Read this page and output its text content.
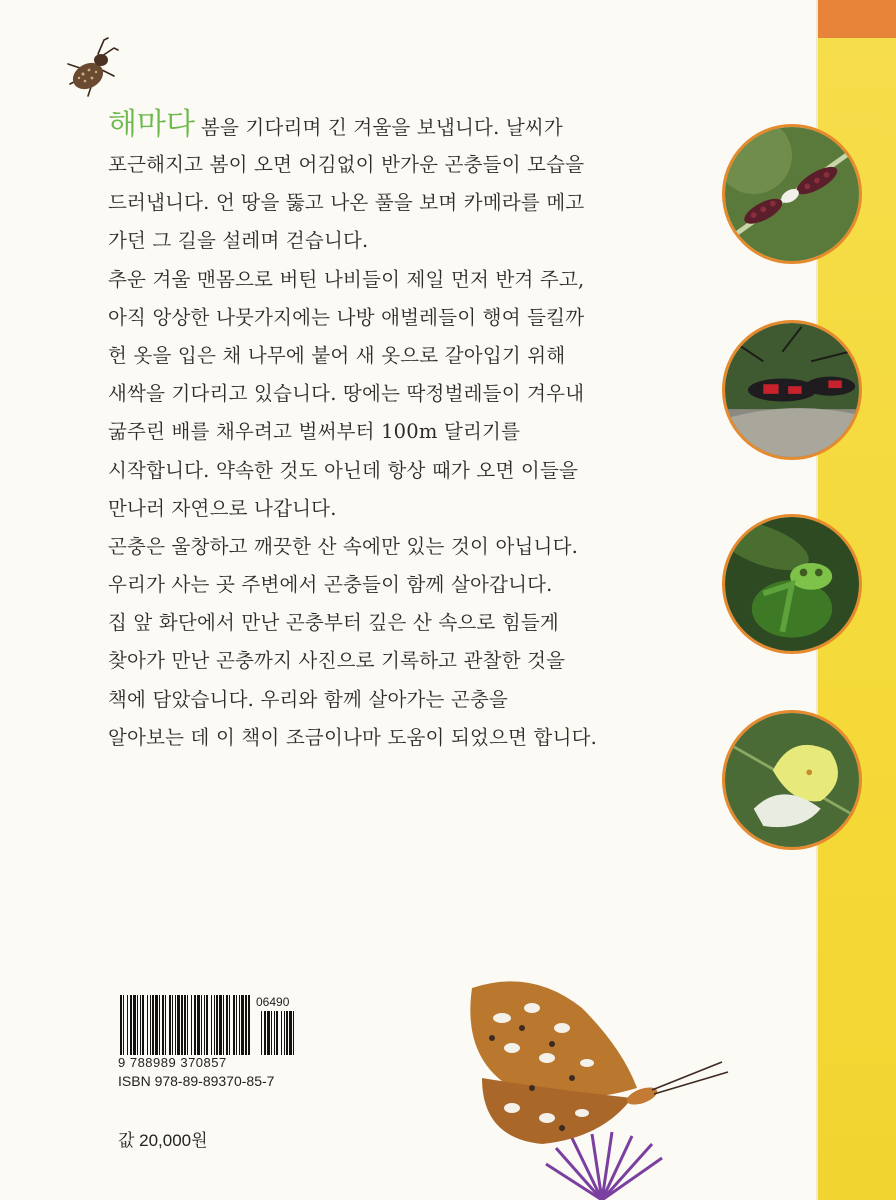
해마다 봄을 기다리며 긴 겨울을 보냅니다. 날씨가
포근해지고 봄이 오면 어김없이 반가운 곤충들이 모습을
드러냅니다. 언 땅을 뚫고 나온 풀을 보며 카메라를 메고
가던 그 길을 설레며 걷습니다.
추운 겨울 맨몸으로 버틴 나비들이 제일 먼저 반겨 주고,
아직 앙상한 나뭇가지에는 나방 애벌레들이 행여 들킬까
헌 옷을 입은 채 나무에 붙어 새 옷으로 갈아입기 위해
새싹을 기다리고 있습니다. 땅에는 딱정벌레들이 겨우내
굶주린 배를 채우려고 벌써부터 100m 달리기를
시작합니다. 약속한 것도 아닌데 항상 때가 오면 이들을
만나러 자연으로 나갑니다.
곤충은 울창하고 깨끗한 산 속에만 있는 것이 아닙니다.
우리가 사는 곳 주변에서 곤충들이 함께 살아갑니다.
집 앞 화단에서 만난 곤충부터 깊은 산 속으로 힘들게
찾아가 만난 곤충까지 사진으로 기록하고 관찰한 것을
책에 담았습니다. 우리와 함께 살아가는 곤충을
알아보는 데 이 책이 조금이나마 도움이 되었으면 합니다.
06490
9 788989 370857
ISBN 978-89-89370-85-7
값 20,000원
